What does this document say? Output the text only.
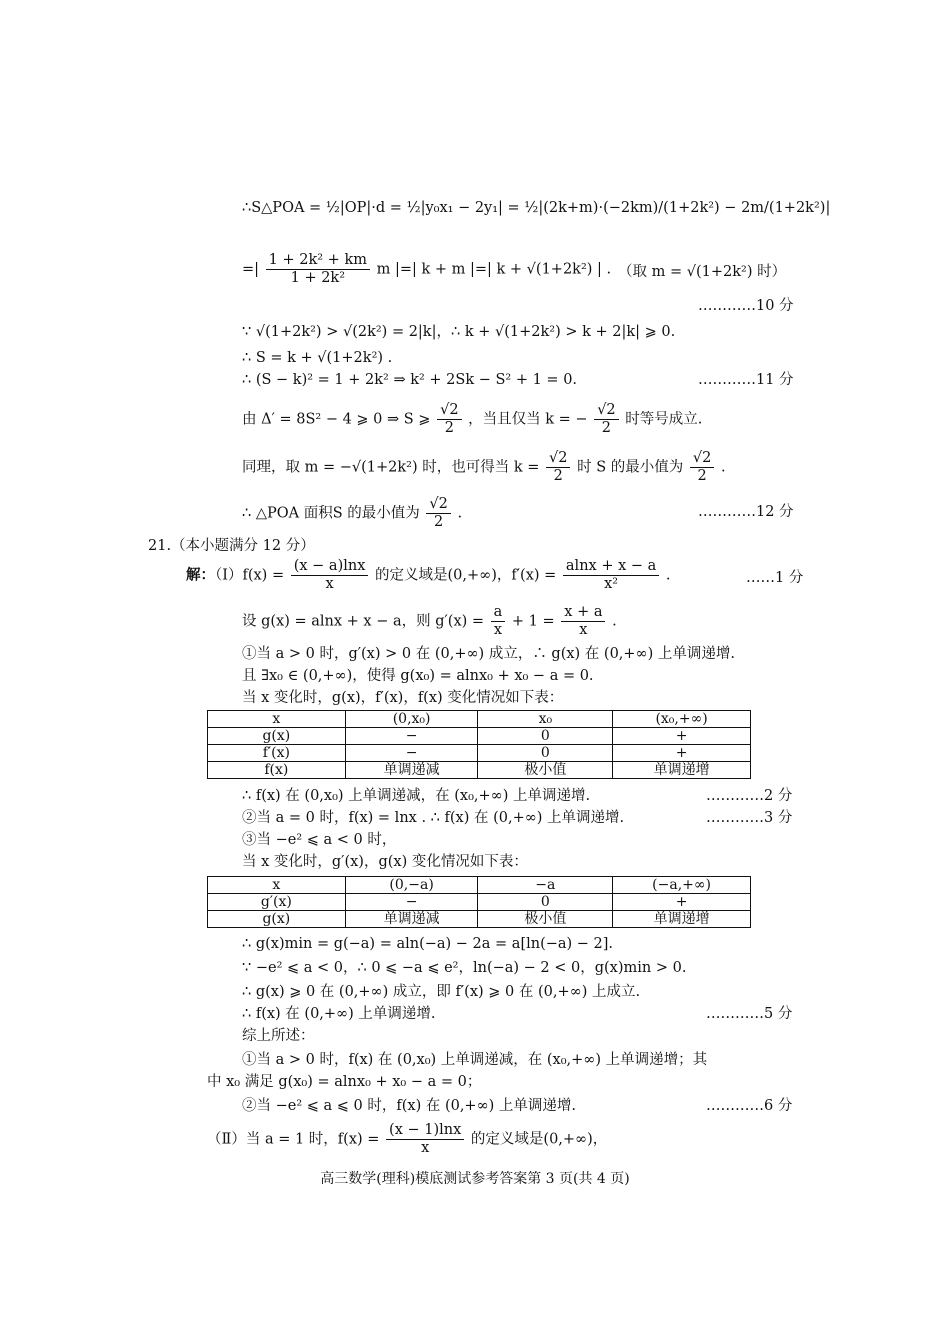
∴S△POA = ½|OP|·d = ½|y₀x₁ − 2y₁| = ½|(2k+m)·(−2km)/(1+2k²) − 2m/(1+2k²)|
=| $\frac{\text{1 + 2k² + km}}{\text{1 + 2k²}}$ m |=| k + m |=| k + √(1+2k²) | . （取 m = √(1+2k²) 时）
…………10 分
∵ √(1+2k²) > √(2k²) = 2|k|，∴ k + √(1+2k²) > k + 2|k| ⩾ 0.
∴ S = k + √(1+2k²) .
∴ (S − k)² = 1 + 2k² ⇒ k² + 2Sk − S² + 1 = 0.	…………11 分
由 Δ′ = 8S² − 4 ⩾ 0 ⇒ S ⩾ $\frac{√2}{2}$ ，当且仅当 k = − $\frac{√2}{2}$ 时等号成立.
同理，取 m = −√(1+2k²) 时，也可得当 $k = \frac{√2}{2}$ 时 S 的最小值为 $\frac{√2}{2}$ .
∴ △POA 面积S 的最小值为 $\frac{√2}{2}$ .	…………12 分
21.（本小题满分 12 分）
解：（Ⅰ）f(x) = $\frac{(x - a)\ln x}{x}$ 的定义域是(0,+∞)，$f'(x) = \frac{alnx + x - a}{\text{x²}}$ .	……1 分
设 g(x) = alnx + x − a，则 $g'(x) = \frac{a}{x} + 1 = \frac{x + a}{x}$ .
①当 a > 0 时，g′(x) > 0 在 (0,+∞) 成立，∴ g(x) 在 (0,+∞) 上单调递增.
且 ∃x₀ ∈ (0,+∞)，使得 g(x₀) = alnx₀ + x₀ − a = 0.
当 x 变化时，g(x)，f′(x)，f(x) 变化情况如下表：
x	(0,x₀)	x₀	(x₀,+∞)
g(x)	−	0	+
f′(x)	−	0	+
f(x)	单调递减	极小值	单调递增
∴ f(x) 在 (0,x₀) 上单调递减，在 (x₀,+∞) 上单调递增.	…………2 分
②当 a = 0 时，f(x) = lnx . ∴ f(x) 在 (0,+∞) 上单调递增.	…………3 分
③当 −e² ⩽ a < 0 时，
当 x 变化时，g′(x)，g(x) 变化情况如下表：
x	(0,−a)	−a	(−a,+∞)
g′(x)	−	0	+
g(x)	单调递减	极小值	单调递增
∴ g(x)min = g(−a) = aln(−a) − 2a = a[ln(−a) − 2].
∵ −e² ⩽ a < 0，∴ 0 ⩽ −a ⩽ e²，ln(−a) − 2 < 0，g(x)min > 0.
∴ g(x) ⩾ 0 在 (0,+∞) 成立，即 f′(x) ⩾ 0 在 (0,+∞) 上成立.
∴ f(x) 在 (0,+∞) 上单调递增.	…………5 分
综上所述：
①当 a > 0 时，f(x) 在 (0,x₀) 上单调递减，在 (x₀,+∞) 上单调递增；其
中 x₀ 满足 g(x₀) = alnx₀ + x₀ − a = 0；
②当 −e² ⩽ a ⩽ 0 时，f(x) 在 (0,+∞) 上单调递增.	…………6 分
（Ⅱ）当 a = 1 时，$f(x) = \frac{(x - 1)\ln x}{x}$ 的定义域是(0,+∞)，
高三数学(理科)模底测试参考答案第 3 页(共 4 页)
